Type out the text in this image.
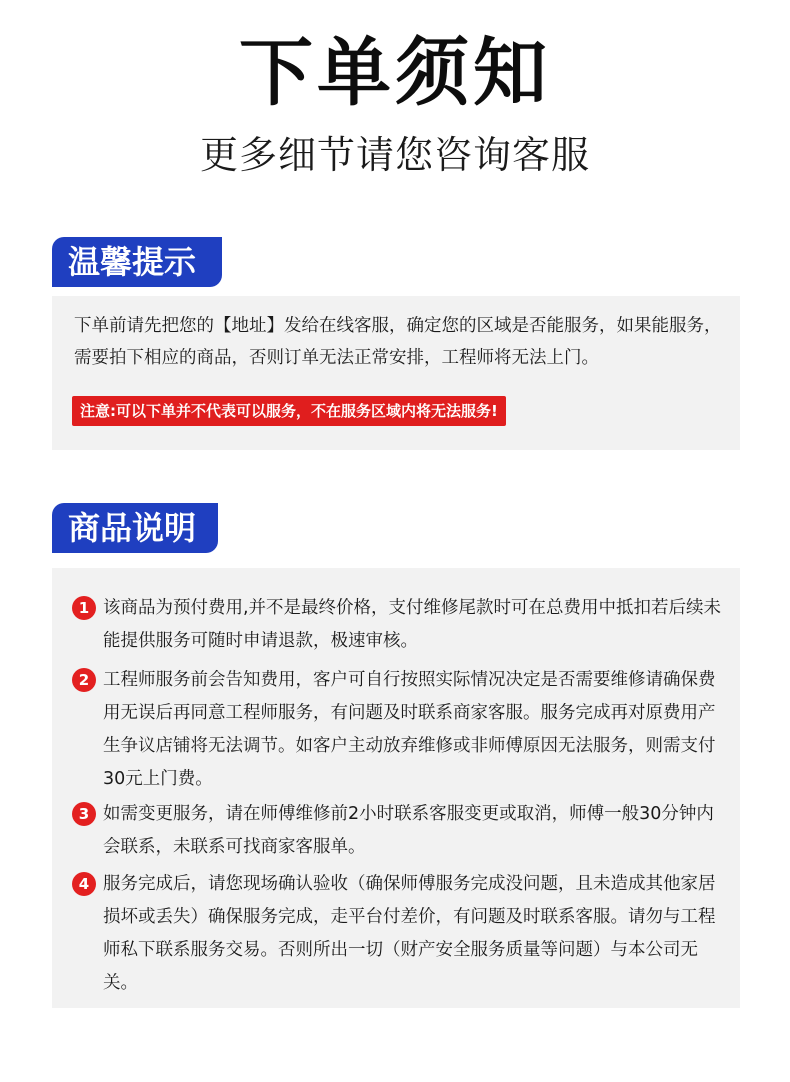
下单须知
更多细节请您咨询客服
温馨提示
下单前请先把您的【地址】发给在线客服，确定您的区域是否能服务，如果能服务，需要拍下相应的商品，否则订单无法正常安排，工程师将无法上门。
注意:可以下单并不代表可以服务，不在服务区域内将无法服务!
商品说明
1 该商品为预付费用,并不是最终价格，支付维修尾款时可在总费用中抵扣若后续未能提供服务可随时申请退款，极速审核。
2 工程师服务前会告知费用，客户可自行按照实际情况决定是否需要维修请确保费用无误后再同意工程师服务，有问题及时联系商家客服。服务完成再对原费用产生争议店铺将无法调节。如客户主动放弃维修或非师傅原因无法服务，则需支付30元上门费。
3 如需变更服务，请在师傅维修前2小时联系客服变更或取消，师傅一般30分钟内会联系，未联系可找商家客服单。
4 服务完成后，请您现场确认验收（确保师傅服务完成没问题，且未造成其他家居损坏或丢失）确保服务完成，走平台付差价，有问题及时联系客服。请勿与工程师私下联系服务交易。否则所出一切（财产安全服务质量等问题）与本公司无关。
